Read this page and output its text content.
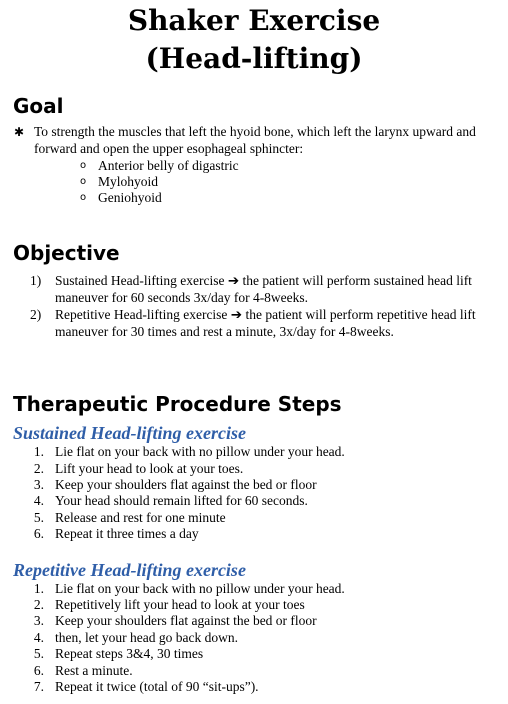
Shaker Exercise
(Head-lifting)
Goal
✱ To strength the muscles that left the hyoid bone, which left the larynx upward and
forward and open the upper esophageal sphincter:
o Anterior belly of digastric
o Mylohyoid
o Geniohyoid
Objective
1) Sustained Head-lifting exercise ➔ the patient will perform sustained head lift
maneuver for 60 seconds 3x/day for 4-8weeks.
2) Repetitive Head-lifting exercise ➔ the patient will perform repetitive head lift
maneuver for 30 times and rest a minute, 3x/day for 4-8weeks.
Therapeutic Procedure Steps
Sustained Head-lifting exercise
1. Lie flat on your back with no pillow under your head.
2. Lift your head to look at your toes.
3. Keep your shoulders flat against the bed or floor
4. Your head should remain lifted for 60 seconds.
5. Release and rest for one minute
6. Repeat it three times a day
Repetitive Head-lifting exercise
1. Lie flat on your back with no pillow under your head.
2. Repetitively lift your head to look at your toes
3. Keep your shoulders flat against the bed or floor
4. then, let your head go back down.
5. Repeat steps 3&4, 30 times
6. Rest a minute.
7. Repeat it twice (total of 90 “sit-ups”).
